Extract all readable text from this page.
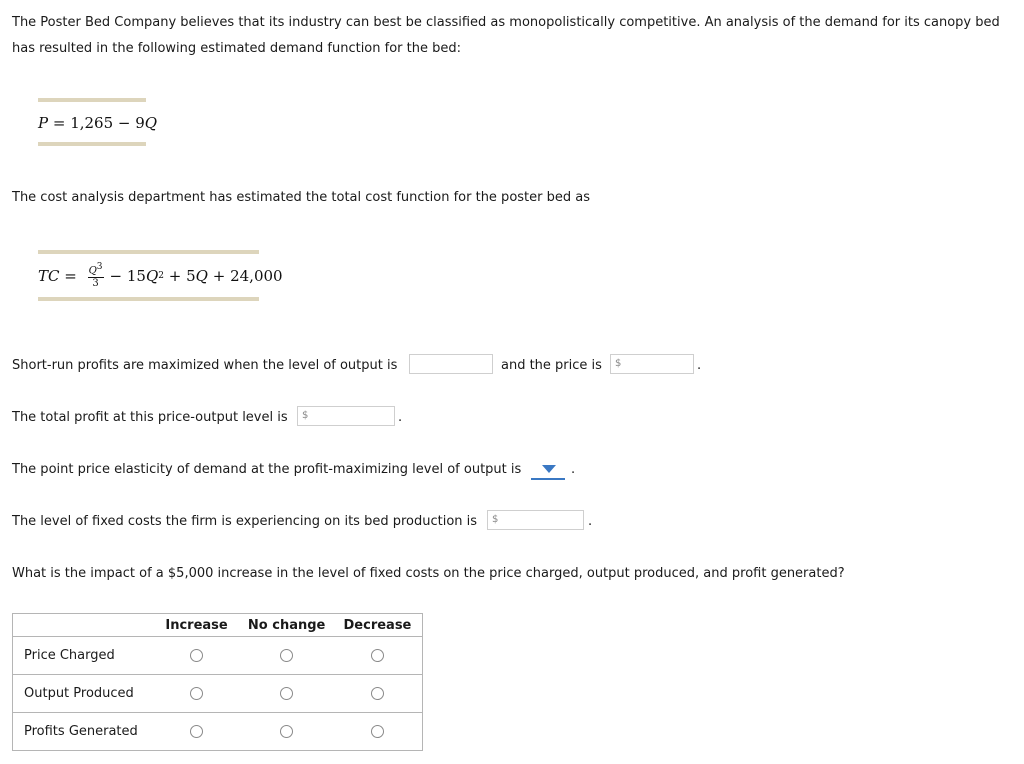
The Poster Bed Company believes that its industry can best be classified as monopolistically competitive. An analysis of the demand for its canopy bed has resulted in the following estimated demand function for the bed:
P = 1,265 − 9Q
The cost analysis department has estimated the total cost function for the poster bed as
TC = $\frac{Q^3}{3} - 15$ Q 2 + 5 Q + 24,000
Short-run profits are maximized when the level of output is	and the price is $	.
The total profit at this price-output level is $	.
The point price elasticity of demand at the profit-maximizing level of output is	.
The level of fixed costs the firm is experiencing on its bed production is $	.
What is the impact of a $5,000 increase in the level of fixed costs on the price charged, output produced, and profit generated?
	Increase	No change	Decrease
Price Charged			
Output Produced			
Profits Generated			
